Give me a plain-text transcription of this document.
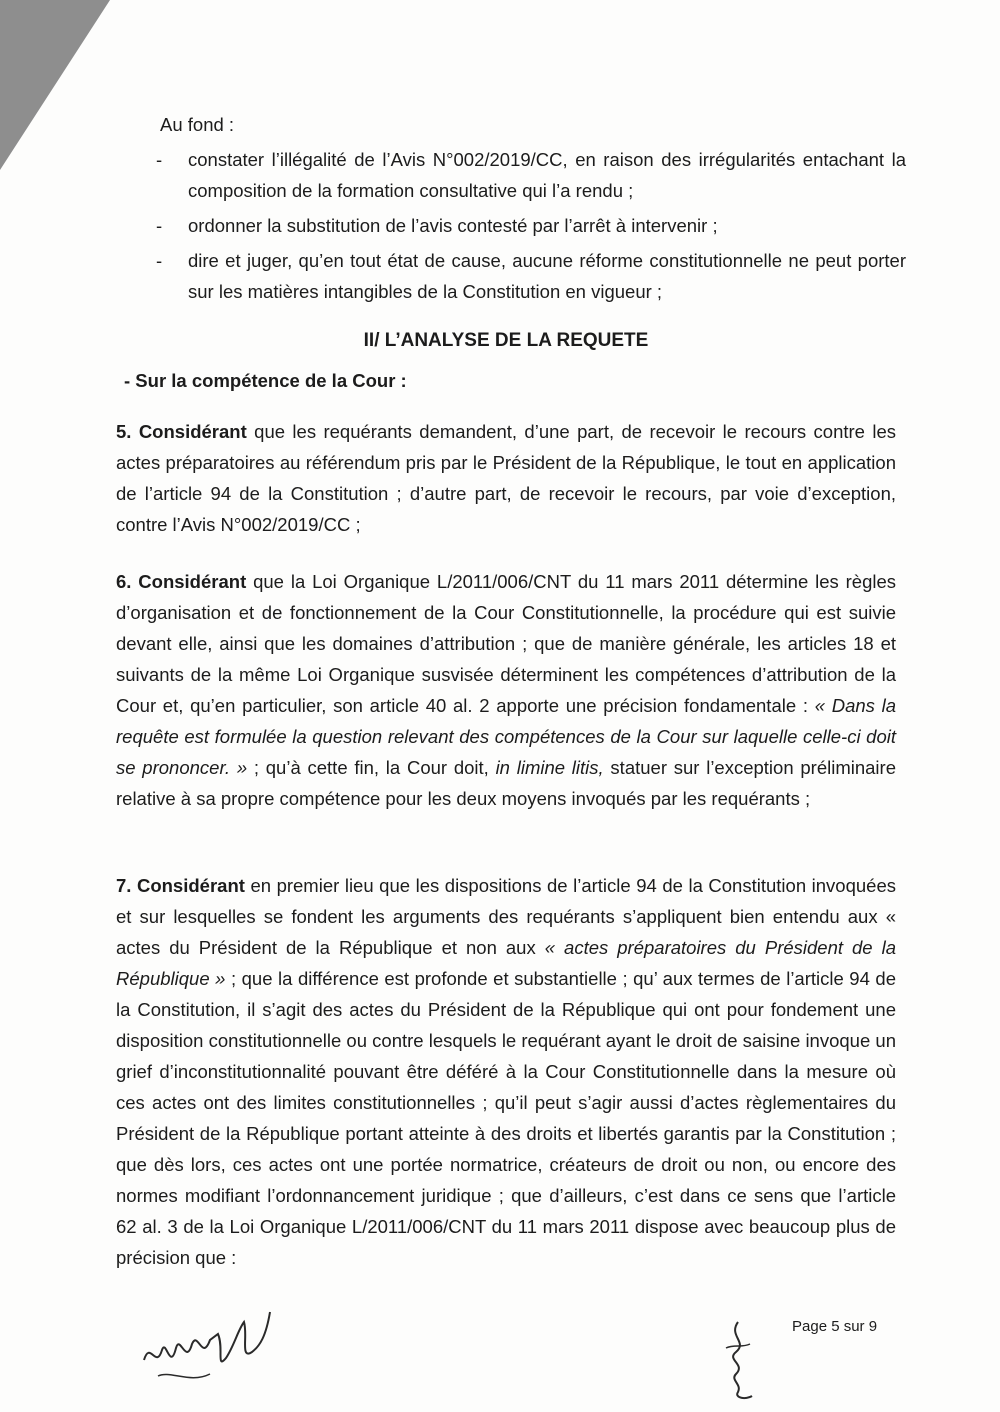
Au fond :
- constater l’illégalité de l’Avis N°002/2019/CC, en raison des irrégularités entachant la composition de la formation consultative qui l’a rendu ;
- ordonner la substitution de l’avis contesté par l’arrêt à intervenir ;
- dire et juger, qu’en tout état de cause, aucune réforme constitutionnelle ne peut porter sur les matières intangibles de la Constitution en vigueur ;
II/ L’ANALYSE DE LA REQUETE
- Sur la compétence de la Cour :

5. Considérant que les requérants demandent, d’une part, de recevoir le recours contre les actes préparatoires au référendum pris par le Président de la République, le tout en application de l’article 94 de la Constitution ; d’autre part, de recevoir le recours, par voie d’exception, contre l’Avis N°002/2019/CC ;

6. Considérant que la Loi Organique L/2011/006/CNT du 11 mars 2011 détermine les règles d’organisation et de fonctionnement de la Cour Constitutionnelle, la procédure qui est suivie devant elle, ainsi que les domaines d’attribution ; que de manière générale, les articles 18 et suivants de la même Loi Organique susvisée déterminent les compétences d’attribution de la Cour et, qu’en particulier, son article 40 al. 2 apporte une précision fondamentale : « Dans la requête est formulée la question relevant des compétences de la Cour sur laquelle celle-ci doit se prononcer. » ; qu’à cette fin, la Cour doit, in limine litis, statuer sur l’exception préliminaire relative à sa propre compétence pour les deux moyens invoqués par les requérants ;

7. Considérant en premier lieu que les dispositions de l’article 94 de la Constitution invoquées et sur lesquelles se fondent les arguments des requérants s’appliquent bien entendu aux « actes du Président de la République et non aux « actes préparatoires du Président de la République » ; que la différence est profonde et substantielle ; qu’ aux termes de l’article 94 de la Constitution, il s’agit des actes du Président de la République qui ont pour fondement une disposition constitutionnelle ou contre lesquels le requérant ayant le droit de saisine invoque un grief d’inconstitutionnalité pouvant être déféré à la Cour Constitutionnelle dans la mesure où ces actes ont des limites constitutionnelles ; qu’il peut s’agir aussi d’actes règlementaires du Président de la République portant atteinte à des droits et libertés garantis par la Constitution ; que dès lors, ces actes ont une portée normatrice, créateurs de droit ou non, ou encore des normes modifiant l’ordonnancement juridique ; que d’ailleurs, c’est dans ce sens que l’article 62 al. 3 de la Loi Organique L/2011/006/CNT du 11 mars 2011 dispose avec beaucoup plus de précision que :

Page 5 sur 9
